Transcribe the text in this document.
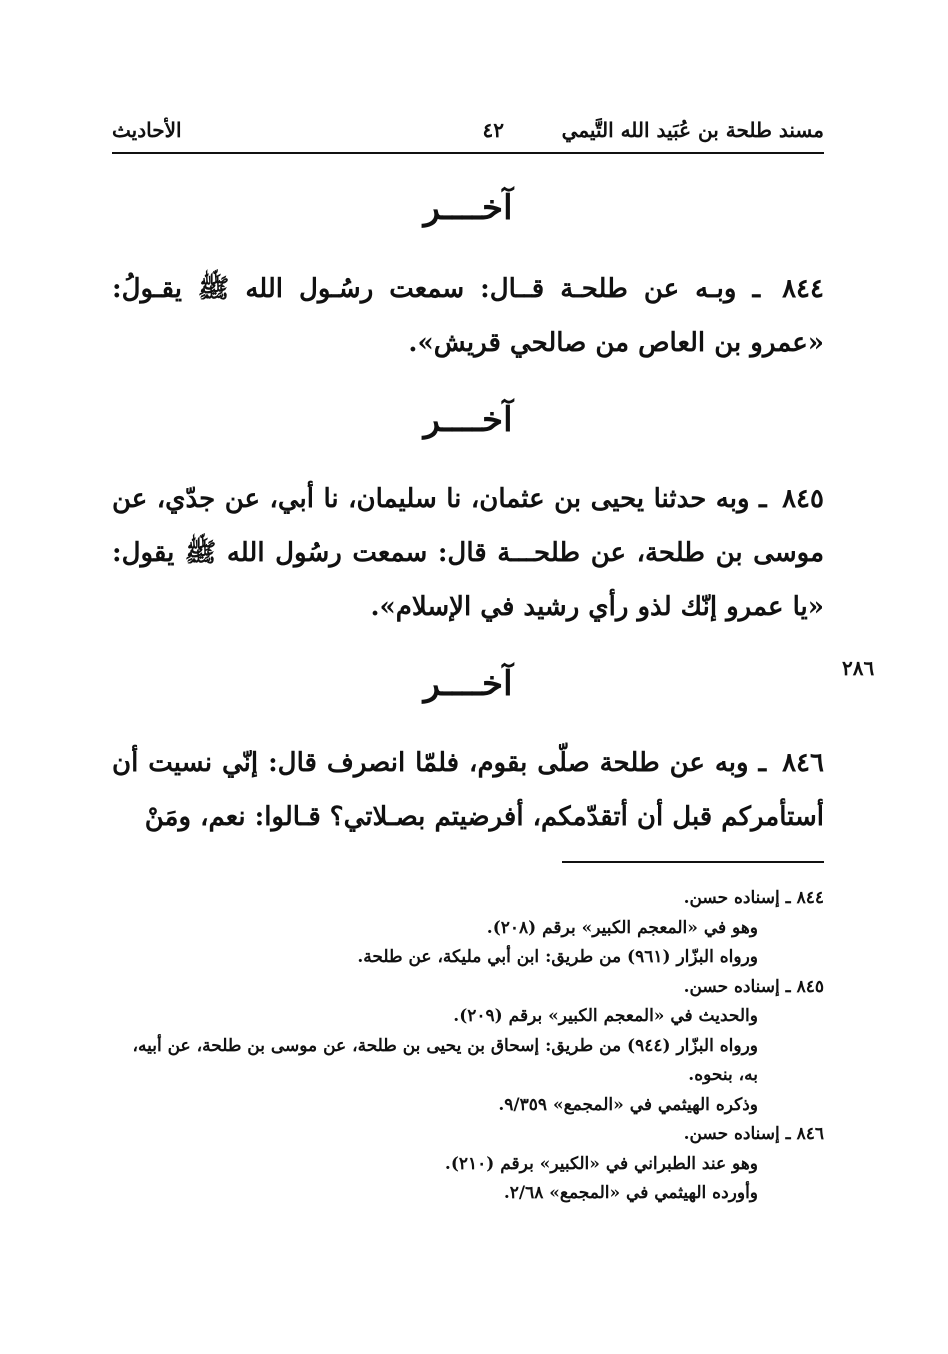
مسند طلحة بن عُبَيد الله التَّيمي
٤٢
الأحاديث
آخــــر
٨٤٤ ـ وبـه عن طلحـة قــال: سمعت رسُـول الله ﷺ يقـولُ: «عمرو بن العاص من صالحي قريش».
آخــــر
٨٤٥ ـ وبه حدثنا يحيى بن عثمان، نا سليمان، نا أبي، عن جدّي، عن موسى بن طلحة، عن طلحـــة قال: سمعت رسُول الله ﷺ يقول: «يا عمرو إنّك لذو رأي رشيد في الإسلام».
٢٨٦
آخــــر
٨٤٦ ـ وبه عن طلحة صلّى بقوم، فلمّا انصرف قال: إنّي نسيت أن أستأمركم قبل أن أتقدّمكم، أفرضيتم بصـلاتي؟ قـالوا: نعم، ومَنْ
٨٤٤ ـ إسناده حسن.
وهو في «المعجم الكبير» برقم (٢٠٨).
ورواه البزّار (٩٦١) من طريق: ابن أبي مليكة، عن طلحة.
٨٤٥ ـ إسناده حسن.
والحديث في «المعجم الكبير» برقم (٢٠٩).
ورواه البزّار (٩٤٤) من طريق: إسحاق بن يحيى بن طلحة، عن موسى بن طلحة، عن أبيه، به، بنحوه.
وذكره الهيثمي في «المجمع» ٩/٣٥٩.
٨٤٦ ـ إسناده حسن.
وهو عند الطبراني في «الكبير» برقم (٢١٠).
وأورده الهيثمي في «المجمع» ٢/٦٨.
